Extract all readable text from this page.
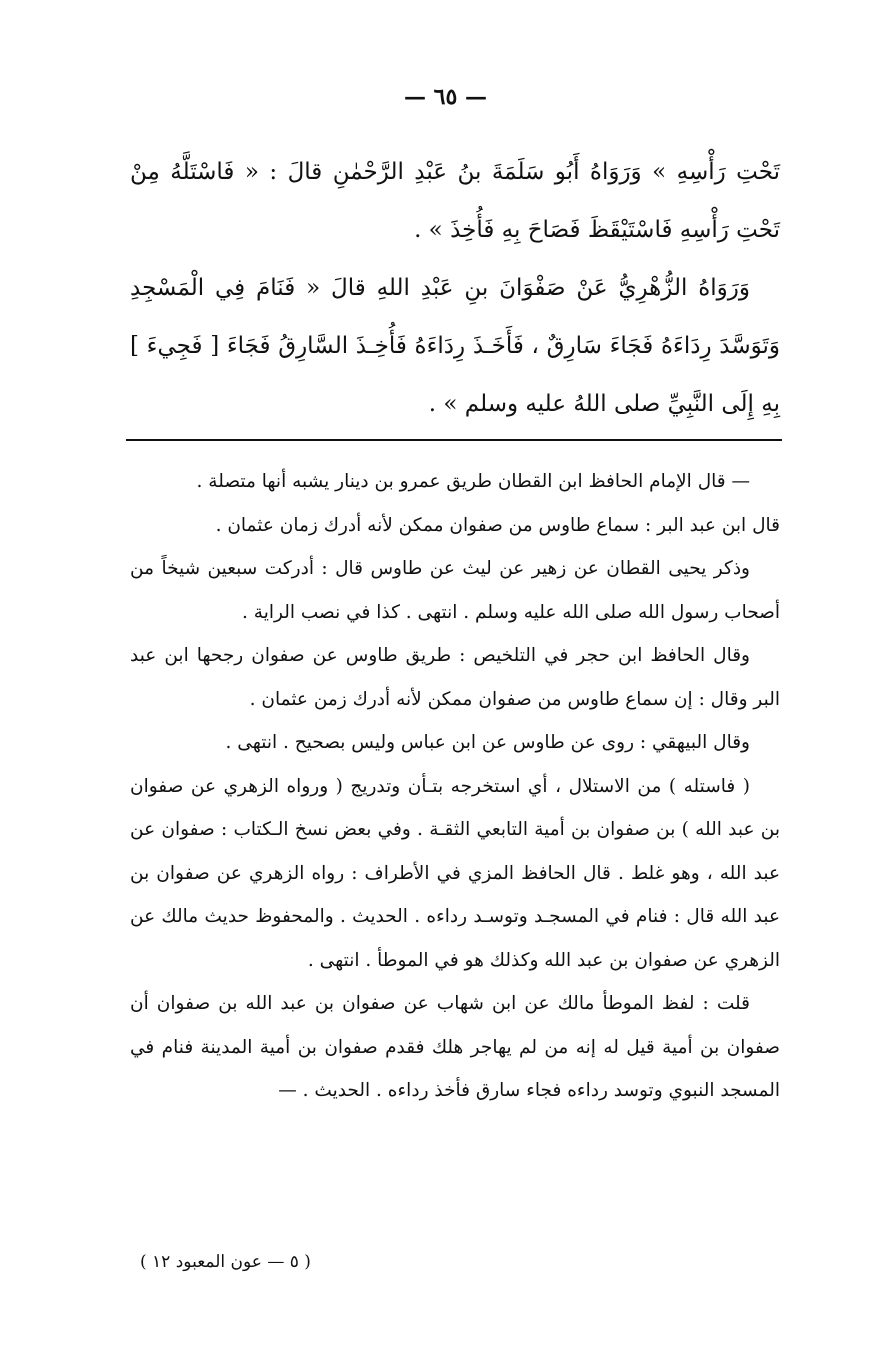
— ٦٥ —

تَحْتِ رَأْسِهِ » وَرَوَاهُ أَبُو سَلَمَةَ بنُ عَبْدِ الرَّحْمٰنِ قالَ : « فَاسْتَلَّهُ مِنْ تَحْتِ رَأْسِهِ فَاسْتَيْقَظَ فَصَاحَ بِهِ فَأُخِذَ » .

وَرَوَاهُ الزُّهْرِيُّ عَنْ صَفْوَانَ بنِ عَبْدِ اللهِ قالَ « فَنَامَ فِي الْمَسْجِدِ وَتَوَسَّدَ رِدَاءَهُ فَجَاءَ سَارِقٌ ، فَأَخَـذَ رِدَاءَهُ فَأُخِـذَ السَّارِقُ فَجَاءَ [ فَجِيءَ ] بِهِ إِلَى النَّبِيِّ صلى اللهُ عليه وسلم » .

— قال الإمام الحافظ ابن القطان طريق عمرو بن دينار يشبه أنها متصلة .

قال ابن عبد البر : سماع طاوس من صفوان ممكن لأنه أدرك زمان عثمان .

وذكر يحيى القطان عن زهير عن ليث عن طاوس قال : أدركت سبعين شيخاً من أصحاب رسول الله صلى الله عليه وسلم . انتهى . كذا في نصب الراية .

وقال الحافظ ابن حجر في التلخيص : طريق طاوس عن صفوان رجحها ابن عبد البر وقال : إن سماع طاوس من صفوان ممكن لأنه أدرك زمن عثمان .

وقال البيهقي : روى عن طاوس عن ابن عباس وليس بصحيح . انتهى .

( فاستله ) من الاستلال ، أي استخرجه بتـأن وتدريج ( ورواه الزهري عن صفوان بن عبد الله ) بن صفوان بن أمية التابعي الثقـة . وفي بعض نسخ الـكتاب : صفوان عن عبد الله ، وهو غلط . قال الحافظ المزي في الأطراف : رواه الزهري عن صفوان بن عبد الله قال : فنام في المسجـد وتوسـد رداءه . الحديث . والمحفوظ حديث مالك عن الزهري عن صفوان بن عبد الله وكذلك هو في الموطأ . انتهى .

قلت : لفظ الموطأ مالك عن ابن شهاب عن صفوان بن عبد الله بن صفوان أن صفوان بن أمية قيل له إنه من لم يهاجر هلك فقدم صفوان بن أمية المدينة فنام في المسجد النبوي وتوسد رداءه فجاء سارق فأخذ رداءه . الحديث . —

( ٥ — عون المعبود ١٢ )
